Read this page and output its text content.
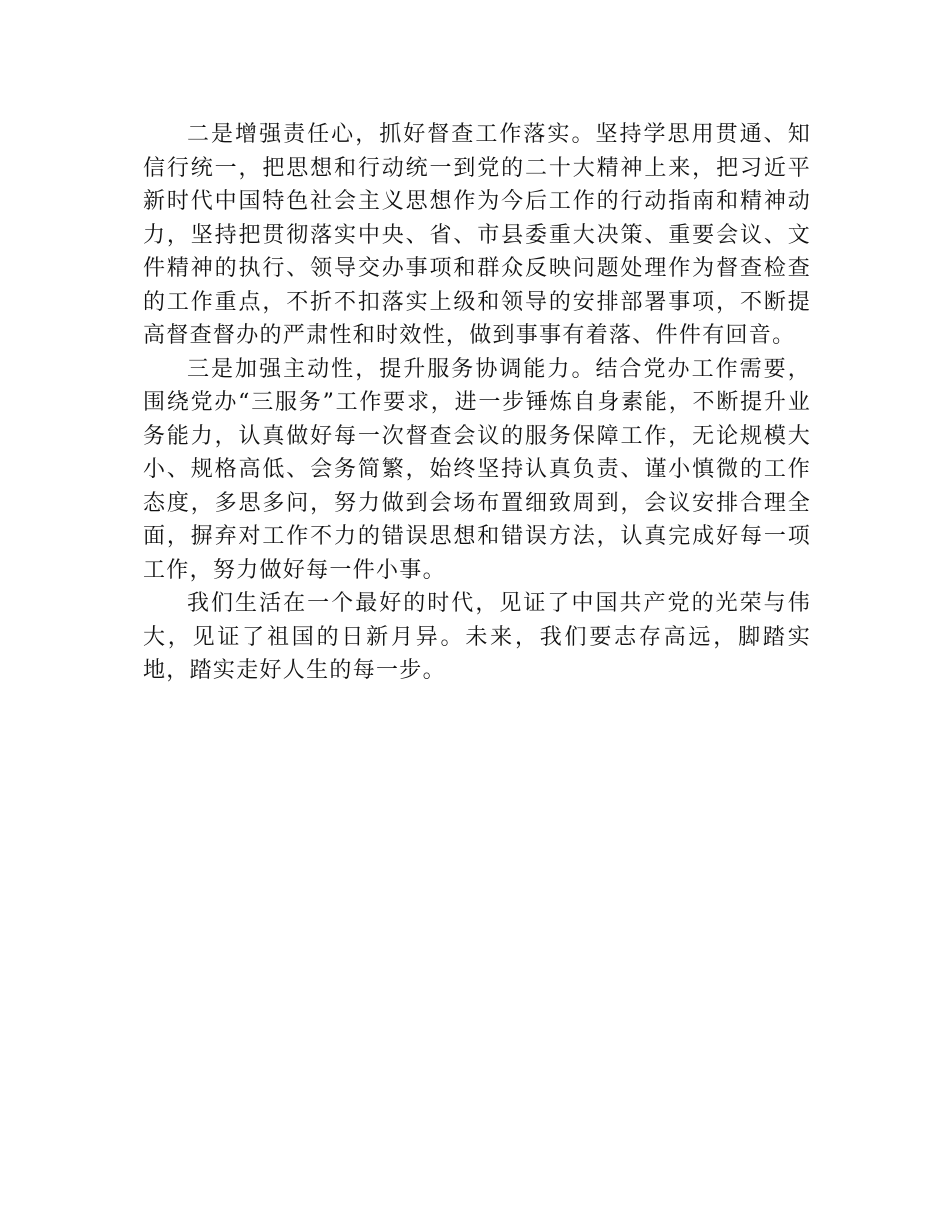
二是增强责任心，抓好督查工作落实。坚持学思用贯通、知信行统一，把思想和行动统一到党的二十大精神上来，把习近平新时代中国特色社会主义思想作为今后工作的行动指南和精神动力，坚持把贯彻落实中央、省、市县委重大决策、重要会议、文件精神的执行、领导交办事项和群众反映问题处理作为督查检查的工作重点，不折不扣落实上级和领导的安排部署事项，不断提高督查督办的严肃性和时效性，做到事事有着落、件件有回音。

三是加强主动性，提升服务协调能力。结合党办工作需要，围绕党办“三服务”工作要求，进一步锤炼自身素能，不断提升业务能力，认真做好每一次督查会议的服务保障工作，无论规模大小、规格高低、会务简繁，始终坚持认真负责、谨小慎微的工作态度，多思多问，努力做到会场布置细致周到，会议安排合理全面，摒弃对工作不力的错误思想和错误方法，认真完成好每一项工作，努力做好每一件小事。

我们生活在一个最好的时代，见证了中国共产党的光荣与伟大，见证了祖国的日新月异。未来，我们要志存高远，脚踏实地，踏实走好人生的每一步。
